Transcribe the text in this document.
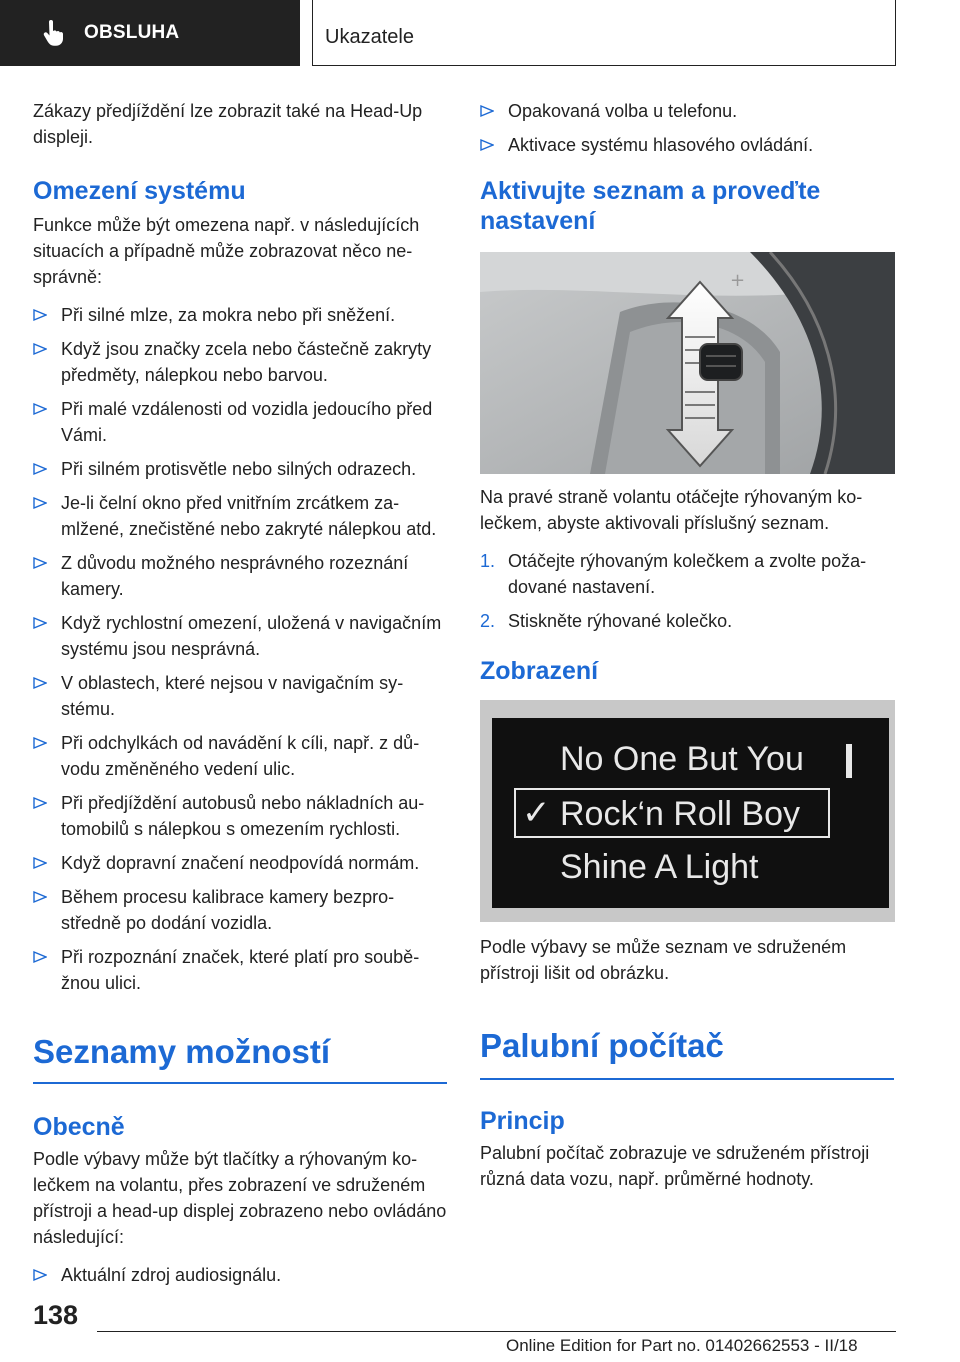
OBSLUHA	Ukazatele

Zákazy předjíždění lze zobrazit také na Head-Up displeji.

Omezení systému

Funkce může být omezena např. v následujících situacích a případně může zobrazovat něco nesprávně:

Při silné mlze, za mokra nebo při sněžení.
Když jsou značky zcela nebo částečně zakryty předměty, nálepkou nebo barvou.
Při malé vzdálenosti od vozidla jedoucího před Vámi.
Při silném protisvětle nebo silných odrazech.
Je-li čelní okno před vnitřním zrcátkem zamlžené, znečistěné nebo zakryté nálepkou atd.
Z důvodu možného nesprávného rozeznání kamery.
Když rychlostní omezení, uložená v navigačním systému jsou nesprávná.
V oblastech, které nejsou v navigačním systému.
Při odchylkách od navádění k cíli, např. z důvodu změněného vedení ulic.
Při předjíždění autobusů nebo nákladních automobilů s nálepkou s omezením rychlosti.
Když dopravní značení neodpovídá normám.
Během procesu kalibrace kamery bezprostředně po dodání vozidla.
Při rozpoznání značek, které platí pro souběžnou ulici.
Seznamy možností
Obecně

Podle výbavy může být tlačítky a rýhovaným kolečkem na volantu, přes zobrazení ve sdruženém přístroji a head-up displej zobrazeno nebo ovládáno následující:

Aktuální zdroj audiosignálu.
Opakovaná volba u telefonu.
Aktivace systému hlasového ovládání.
Aktivujte seznam a proveďte nastavení
+

Na pravé straně volantu otáčejte rýhovaným kolečkem, abyste aktivovali příslušný seznam.

1. Otáčejte rýhovaným kolečkem a zvolte požadované nastavení.
2. Stiskněte rýhované kolečko.
Zobrazení
No One But You
✓ Rock‘n Roll Boy
Shine A Light

Podle výbavy se může seznam ve sdruženém přístroji lišit od obrázku.

Palubní počítač
Princip

Palubní počítač zobrazuje ve sdruženém přístroji různá data vozu, např. průměrné hodnoty.

138
Online Edition for Part no. 01402662553 - II/18
